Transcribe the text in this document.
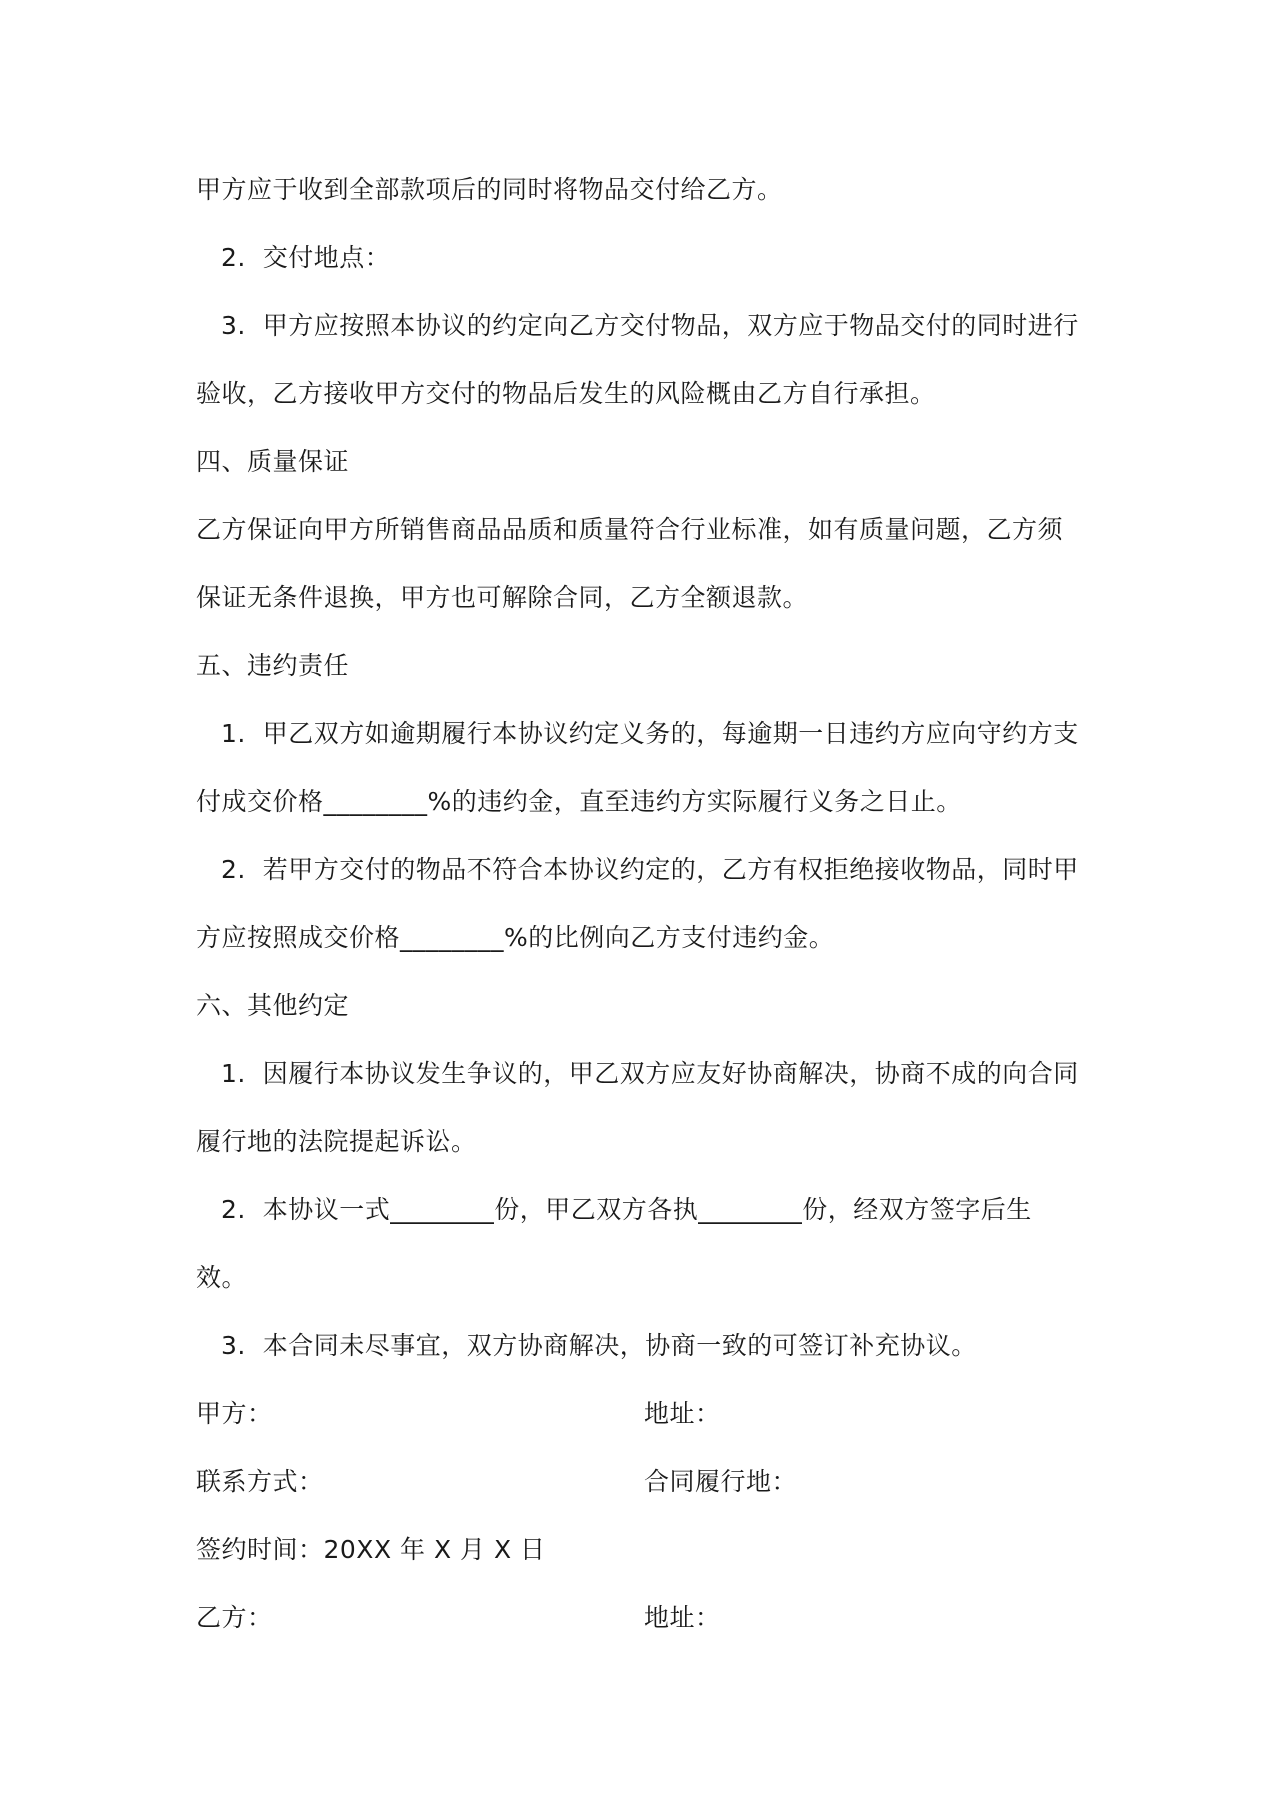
甲方应于收到全部款项后的同时将物品交付给乙方。
2.  交付地点：
3.  甲方应按照本协议的约定向乙方交付物品，双方应于物品交付的同时进行
验收，乙方接收甲方交付的物品后发生的风险概由乙方自行承担。
四、质量保证
乙方保证向甲方所销售商品品质和质量符合行业标准，如有质量问题，乙方须
保证无条件退换，甲方也可解除合同，乙方全额退款。
五、违约责任
1.  甲乙双方如逾期履行本协议约定义务的，每逾期一日违约方应向守约方支
付成交价格________%的违约金，直至违约方实际履行义务之日止。
2.  若甲方交付的物品不符合本协议约定的，乙方有权拒绝接收物品，同时甲
方应按照成交价格________%的比例向乙方支付违约金。
六、其他约定
1.  因履行本协议发生争议的，甲乙双方应友好协商解决，协商不成的向合同
履行地的法院提起诉讼。
2.  本协议一式________份，甲乙双方各执________份，经双方签字后生
效。
3.  本合同未尽事宜，双方协商解决，协商一致的可签订补充协议。
甲方：	地址：
联系方式：	合同履行地：
签约时间：20XX 年 X 月 X 日
乙方：	地址：
